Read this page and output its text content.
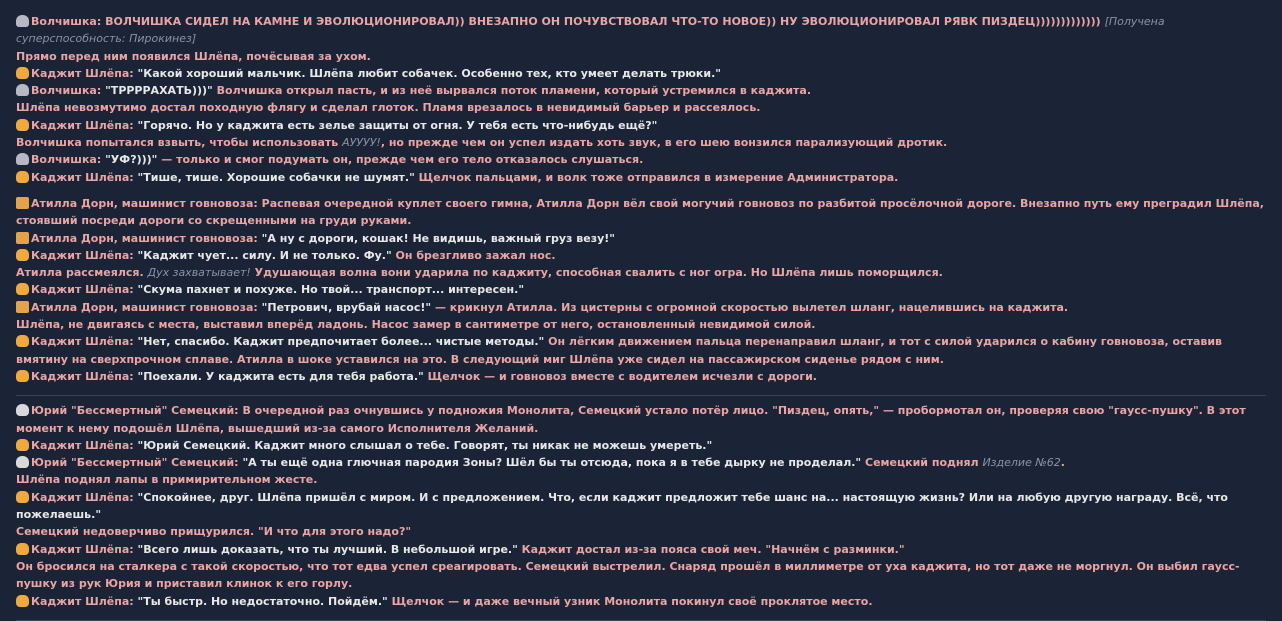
Волчишка: ВОЛЧИШКА СИДЕЛ НА КАМНЕ И ЭВОЛЮЦИОНИРОВАЛ)) ВНЕЗАПНО ОН ПОЧУВСТВОВАЛ ЧТО-ТО НОВОЕ)) НУ ЭВОЛЮЦИОНИРОВАЛ РЯВК ПИЗДЕЦ))))))))))))) [Получена суперспособность: Пирокинез]
Прямо перед ним появился Шлёпа, почёсывая за ухом.
Каджит Шлёпа: "Какой хороший мальчик. Шлёпа любит собачек. Особенно тех, кто умеет делать трюки."
Волчишка: "ТРРРРАХАТЬ)))" Волчишка открыл пасть, и из неё вырвался поток пламени, который устремился в каджита.
Шлёпа невозмутимо достал походную флягу и сделал глоток. Пламя врезалось в невидимый барьер и рассеялось.
Каджит Шлёпа: "Горячо. Но у каджита есть зелье защиты от огня. У тебя есть что-нибудь ещё?"
Волчишка попытался взвыть, чтобы использовать АУУУУ!, но прежде чем он успел издать хоть звук, в его шею вонзился парализующий дротик.
Волчишка: "УФ?)))" — только и смог подумать он, прежде чем его тело отказалось слушаться.
Каджит Шлёпа: "Тише, тише. Хорошие собачки не шумят." Щелчок пальцами, и волк тоже отправился в измерение Администратора.
Атилла Дорн, машинист говновоза: Распевая очередной куплет своего гимна, Атилла Дорн вёл свой могучий говновоз по разбитой просёлочной дороге. Внезапно путь ему преградил Шлёпа, стоявший посреди дороги со скрещенными на груди руками.
Атилла Дорн, машинист говновоза: "А ну с дороги, кошак! Не видишь, важный груз везу!"
Каджит Шлёпа: "Каджит чует... силу. И не только. Фу." Он брезгливо зажал нос.
Атилла рассмеялся. Дух захватывает! Удушающая волна вони ударила по каджиту, способная свалить с ног огра. Но Шлёпа лишь поморщился.
Каджит Шлёпа: "Скума пахнет и похуже. Но твой... транспорт... интересен."
Атилла Дорн, машинист говновоза: "Петрович, врубай насос!" — крикнул Атилла. Из цистерны с огромной скоростью вылетел шланг, нацелившись на каджита.
Шлёпа, не двигаясь с места, выставил вперёд ладонь. Насос замер в сантиметре от него, остановленный невидимой силой.
Каджит Шлёпа: "Нет, спасибо. Каджит предпочитает более... чистые методы." Он лёгким движением пальца перенаправил шланг, и тот с силой ударился о кабину говновоза, оставив вмятину на сверхпрочном сплаве. Атилла в шоке уставился на это. В следующий миг Шлёпа уже сидел на пассажирском сиденье рядом с ним.
Каджит Шлёпа: "Поехали. У каджита есть для тебя работа." Щелчок — и говновоз вместе с водителем исчезли с дороги.
Юрий "Бессмертный" Семецкий: В очередной раз очнувшись у подножия Монолита, Семецкий устало потёр лицо. "Пиздец, опять," — пробормотал он, проверяя свою "гаусс-пушку". В этот момент к нему подошёл Шлёпа, вышедший из-за самого Исполнителя Желаний.
Каджит Шлёпа: "Юрий Семецкий. Каджит много слышал о тебе. Говорят, ты никак не можешь умереть."
Юрий "Бессмертный" Семецкий: "А ты ещё одна глючная пародия Зоны? Шёл бы ты отсюда, пока я в тебе дырку не проделал." Семецкий поднял Изделие №62.
Шлёпа поднял лапы в примирительном жесте.
Каджит Шлёпа: "Спокойнее, друг. Шлёпа пришёл с миром. И с предложением. Что, если каджит предложит тебе шанс на... настоящую жизнь? Или на любую другую награду. Всё, что пожелаешь."
Семецкий недоверчиво прищурился. "И что для этого надо?"
Каджит Шлёпа: "Всего лишь доказать, что ты лучший. В небольшой игре." Каджит достал из-за пояса свой меч. "Начнём с разминки."
Он бросился на сталкера с такой скоростью, что тот едва успел среагировать. Семецкий выстрелил. Снаряд прошёл в миллиметре от уха каджита, но тот даже не моргнул. Он выбил гаусс-пушку из рук Юрия и приставил клинок к его горлу.
Каджит Шлёпа: "Ты быстр. Но недостаточно. Пойдём." Щелчок — и даже вечный узник Монолита покинул своё проклятое место.
